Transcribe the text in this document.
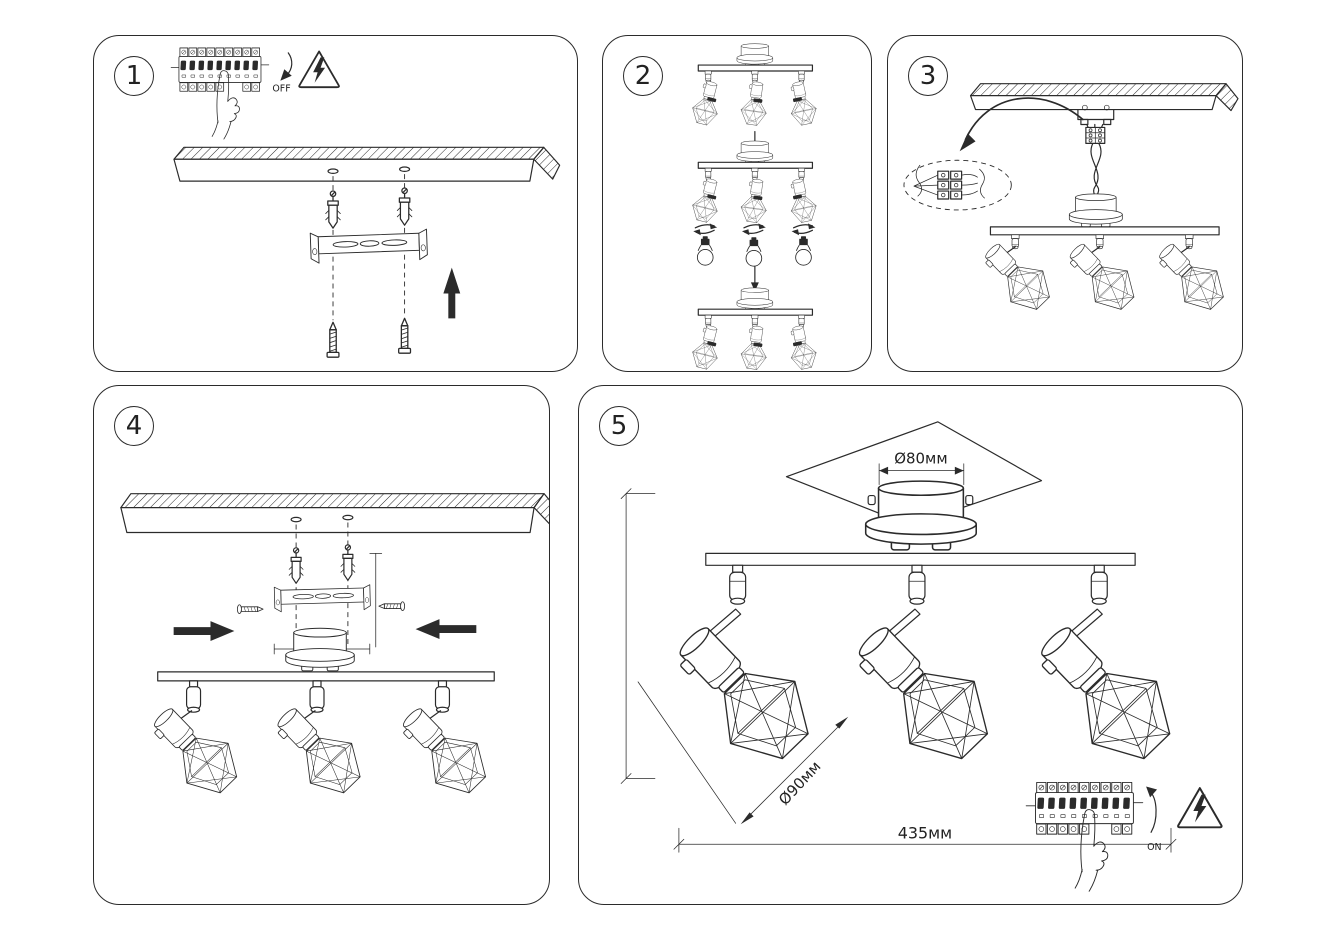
1	OFF	2	3
4	5
Ø80мм
Ø90мм
435мм
ON
